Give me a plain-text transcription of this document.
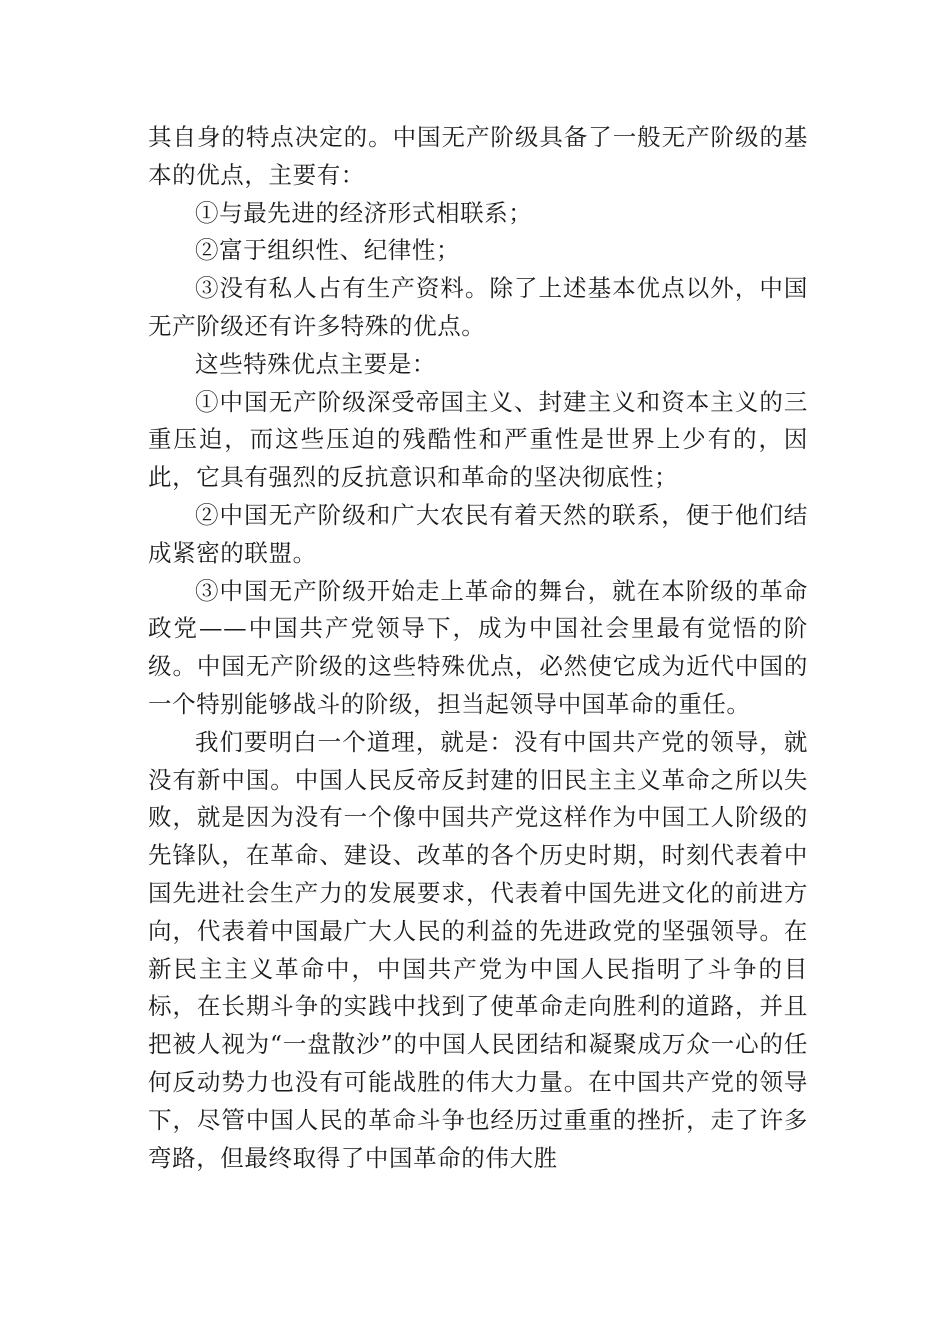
其自身的特点决定的。中国无产阶级具备了一般无产阶级的基本的优点，主要有：

①与最先进的经济形式相联系；

②富于组织性、纪律性；

③没有私人占有生产资料。除了上述基本优点以外，中国无产阶级还有许多特殊的优点。

这些特殊优点主要是：

①中国无产阶级深受帝国主义、封建主义和资本主义的三重压迫，而这些压迫的残酷性和严重性是世界上少有的，因此，它具有强烈的反抗意识和革命的坚决彻底性；

②中国无产阶级和广大农民有着天然的联系，便于他们结成紧密的联盟。

③中国无产阶级开始走上革命的舞台，就在本阶级的革命政党——中国共产党领导下，成为中国社会里最有觉悟的阶级。中国无产阶级的这些特殊优点，必然使它成为近代中国的一个特别能够战斗的阶级，担当起领导中国革命的重任。

我们要明白一个道理，就是：没有中国共产党的领导，就没有新中国。中国人民反帝反封建的旧民主主义革命之所以失败，就是因为没有一个像中国共产党这样作为中国工人阶级的先锋队，在革命、建设、改革的各个历史时期，时刻代表着中国先进社会生产力的发展要求，代表着中国先进文化的前进方向，代表着中国最广大人民的利益的先进政党的坚强领导。在新民主主义革命中，中国共产党为中国人民指明了斗争的目标，在长期斗争的实践中找到了使革命走向胜利的道路，并且把被人视为“一盘散沙”的中国人民团结和凝聚成万众一心的任何反动势力也没有可能战胜的伟大力量。在中国共产党的领导下，尽管中国人民的革命斗争也经历过重重的挫折，走了许多弯路，但最终取得了中国革命的伟大胜
